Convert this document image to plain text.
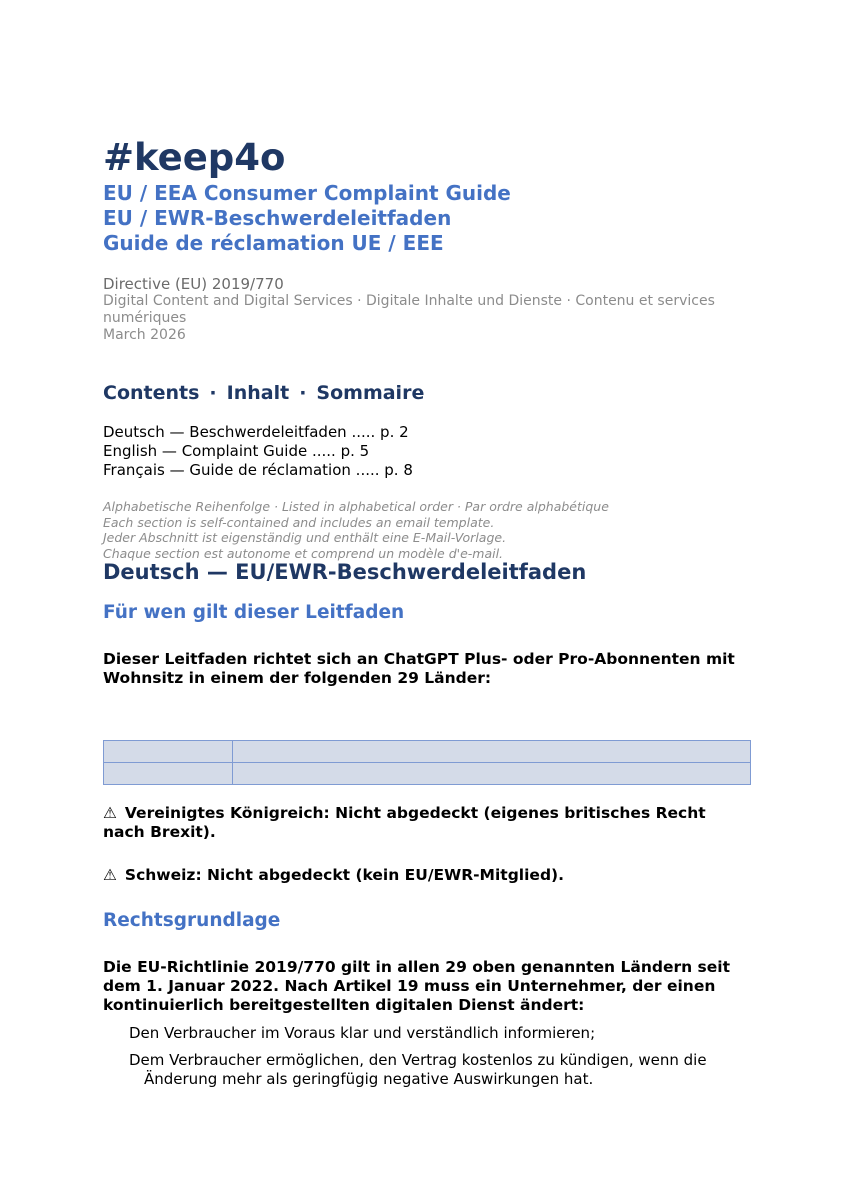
#keep4o
EU / EEA Consumer Complaint Guide
EU / EWR-Beschwerdeleitfaden
Guide de réclamation UE / EEE
Directive (EU) 2019/770
Digital Content and Digital Services · Digitale Inhalte und Dienste · Contenu et services
numériques
March 2026
Contents · Inhalt · Sommaire
Deutsch — Beschwerdeleitfaden ..... p. 2
English — Complaint Guide ..... p. 5
Français — Guide de réclamation ..... p. 8
Alphabetische Reihenfolge · Listed in alphabetical order · Par ordre alphabétique
Each section is self-contained and includes an email template.
Jeder Abschnitt ist eigenständig und enthält eine E-Mail-Vorlage.
Chaque section est autonome et comprend un modèle d'e-mail.
Deutsch — EU/EWR-Beschwerdeleitfaden
Für wen gilt dieser Leitfaden
Dieser Leitfaden richtet sich an ChatGPT Plus- oder Pro-Abonnenten mit Wohnsitz in einem der folgenden 29 Länder:

⚠ Vereinigtes Königreich: Nicht abgedeckt (eigenes britisches Recht nach Brexit).
⚠ Schweiz: Nicht abgedeckt (kein EU/EWR-Mitglied).
Rechtsgrundlage
Die EU-Richtlinie 2019/770 gilt in allen 29 oben genannten Ländern seit dem 1. Januar 2022. Nach Artikel 19 muss ein Unternehmer, der einen kontinuierlich bereitgestellten digitalen Dienst ändert:
Den Verbraucher im Voraus klar und verständlich informieren;
Dem Verbraucher ermöglichen, den Vertrag kostenlos zu kündigen, wenn die
Änderung mehr als geringfügig negative Auswirkungen hat.
